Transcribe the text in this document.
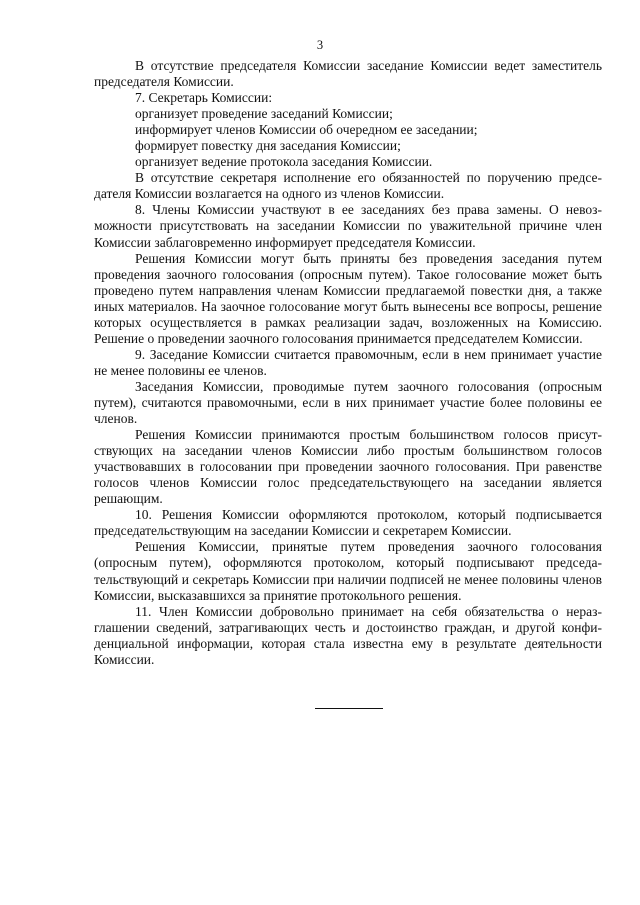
3

В отсутствие председателя Комиссии заседание Комиссии ведет заместитель председателя Комиссии.

7. Секретарь Комиссии:

организует проведение заседаний Комиссии;

информирует членов Комиссии об очередном ее заседании;

формирует повестку дня заседания Комиссии;

организует ведение протокола заседания Комиссии.

В отсутствие секретаря исполнение его обязанностей по поручению председателя Комиссии возлагается на одного из членов Комиссии.

8. Члены Комиссии участвуют в ее заседаниях без права замены. О невозможности присутствовать на заседании Комиссии по уважительной причине член Комиссии заблаговременно информирует председателя Комиссии.

Решения Комиссии могут быть приняты без проведения заседания путем проведения заочного голосования (опросным путем). Такое голосование может быть проведено путем направления членам Комиссии предлагаемой повестки дня, а также иных материалов. На заочное голосование могут быть вынесены все вопросы, решение которых осуществляется в рамках реализации задач, возложенных на Комиссию. Решение о проведении заочного голосования принимается председателем Комиссии.

9. Заседание Комиссии считается правомочным, если в нем принимает участие не менее половины ее членов.

Заседания Комиссии, проводимые путем заочного голосования (опросным путем), считаются правомочными, если в них принимает участие более половины ее членов.

Решения Комиссии принимаются простым большинством голосов присутствующих на заседании членов Комиссии либо простым большинством голосов участвовавших в голосовании при проведении заочного голосования. При равенстве голосов членов Комиссии голос председательствующего на заседании является решающим.

10. Решения Комиссии оформляются протоколом, который подписывается председательствующим на заседании Комиссии и секретарем Комиссии.

Решения Комиссии, принятые путем проведения заочного голосования (опросным путем), оформляются протоколом, который подписывают председательствующий и секретарь Комиссии при наличии подписей не менее половины членов Комиссии, высказавшихся за принятие протокольного решения.

11. Член Комиссии добровольно принимает на себя обязательства о неразглашении сведений, затрагивающих честь и достоинство граждан, и другой конфиденциальной информации, которая стала известна ему в результате деятельности Комиссии.
